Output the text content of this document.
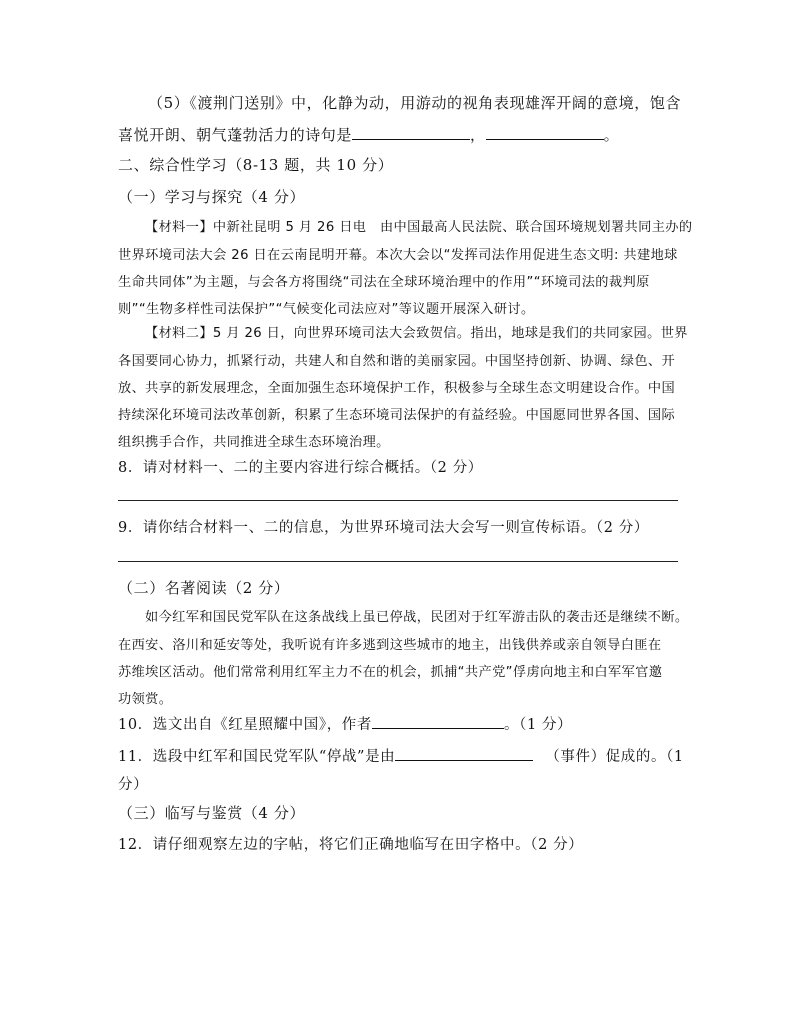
（5）《渡荆门送别》中，化静为动，用游动的视角表现雄浑开阔的意境，饱含
喜悦开朗、朝气蓬勃活力的诗句是	，	。
二、综合性学习（8-13 题，共 10 分）
（一）学习与探究（4 分）
【材料一】中新社昆明 5 月 26 日电　由中国最高人民法院、联合国环境规划署共同主办的
世界环境司法大会 26 日在云南昆明开幕。本次大会以“发挥司法作用促进生态文明: 共建地球
生命共同体”为主题，与会各方将围绕“司法在全球环境治理中的作用”“环境司法的裁判原
则”“生物多样性司法保护”“气候变化司法应对”等议题开展深入研讨。
【材料二】5 月 26 日，向世界环境司法大会致贺信。指出，地球是我们的共同家园。世界
各国要同心协力，抓紧行动，共建人和自然和谐的美丽家园。中国坚持创新、协调、绿色、开
放、共享的新发展理念，全面加强生态环境保护工作，积极参与全球生态文明建设合作。中国
持续深化环境司法改革创新，积累了生态环境司法保护的有益经验。中国愿同世界各国、国际
组织携手合作，共同推进全球生态环境治理。
8．请对材料一、二的主要内容进行综合概括。（2 分）
9．请你结合材料一、二的信息，为世界环境司法大会写一则宣传标语。（2 分）
（二）名著阅读（2 分）
如今红军和国民党军队在这条战线上虽已停战，民团对于红军游击队的袭击还是继续不断。
在西安、洛川和延安等处，我听说有许多逃到这些城市的地主，出钱供养或亲自领导白匪在
苏维埃区活动。他们常常利用红军主力不在的机会，抓捕“共产党”俘虏向地主和白军军官邀
功领赏。
10．选文出自《红星照耀中国》，作者	。（1 分）
11．选段中红军和国民党军队“停战”是由	（事件）促成的。（1
分）
（三）临写与鉴赏（4 分）
12．请仔细观察左边的字帖，将它们正确地临写在田字格中。（2 分）
